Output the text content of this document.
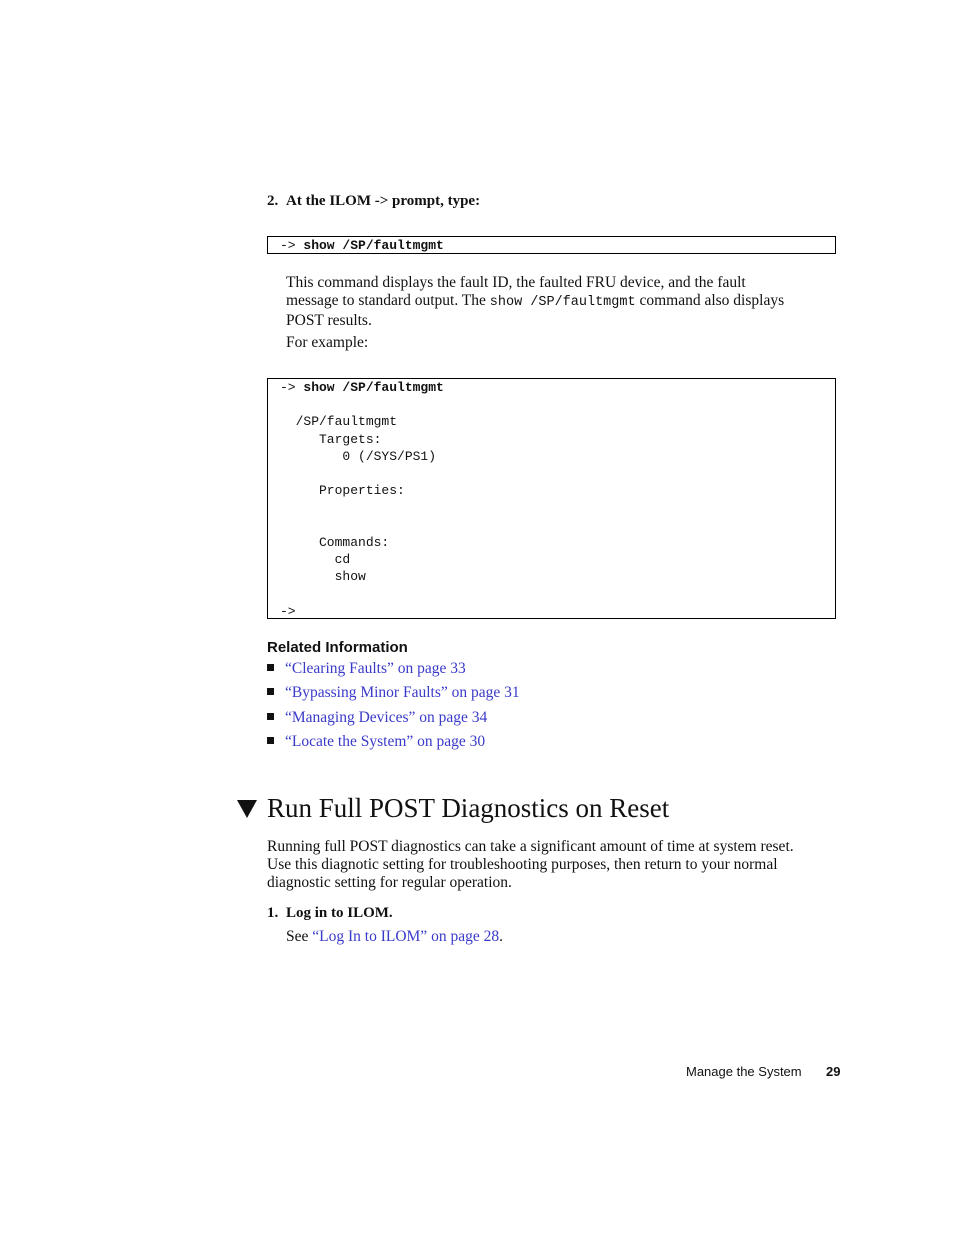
2. At the ILOM -> prompt, type:
-> show /SP/faultmgmt
This command displays the fault ID, the faulted FRU device, and the fault
message to standard output. The show /SP/faultmgmt command also displays
POST results.
For example:
-> show /SP/faultmgmt

/SP/faultmgmt
Targets:
0 (/SYS/PS1)

Properties:

Commands:
cd
show

->
Related Information
“Clearing Faults” on page 33
“Bypassing Minor Faults” on page 31
“Managing Devices” on page 34
“Locate the System” on page 30
Run Full POST Diagnostics on Reset
Running full POST diagnostics can take a significant amount of time at system reset.
Use this diagnotic setting for troubleshooting purposes, then return to your normal
diagnostic setting for regular operation.
1. Log in to ILOM.
See “Log In to ILOM” on page 28.
Manage the System 29
